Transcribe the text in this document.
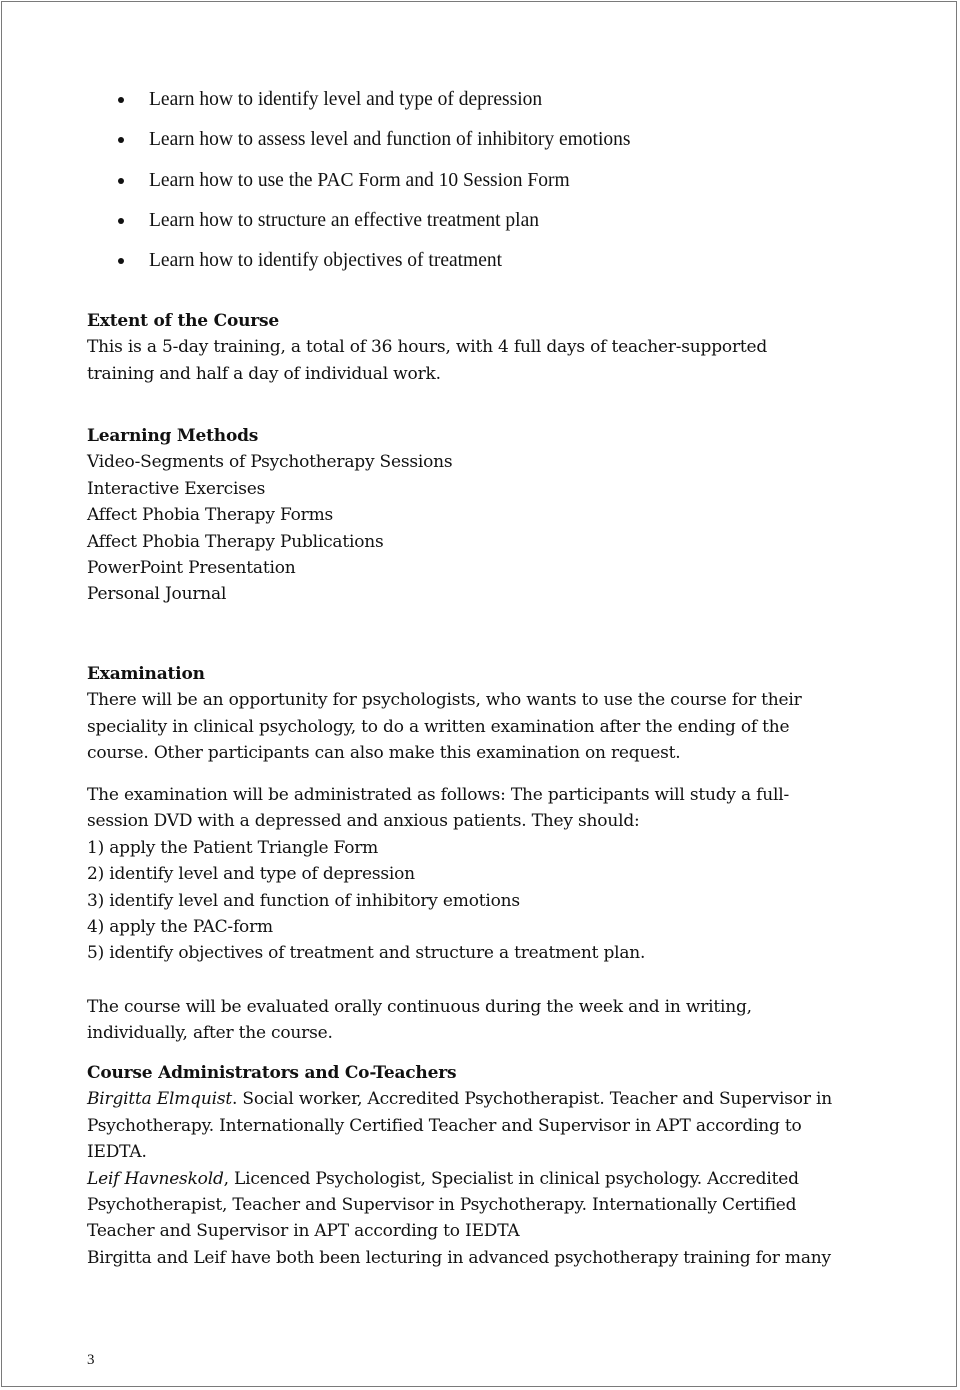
Learn how to identify level and type of depression
Learn how to assess level and function of inhibitory emotions
Learn how to use the PAC Form and 10 Session Form
Learn how to structure an effective treatment plan
Learn how to identify objectives of treatment
Extent of the Course
This is a 5-day training, a total of 36 hours, with 4 full days of teacher-supported
training and half a day of individual work.
Learning Methods
Video-Segments of Psychotherapy Sessions
Interactive Exercises
Affect Phobia Therapy Forms
Affect Phobia Therapy Publications
PowerPoint Presentation
Personal Journal
Examination
There will be an opportunity for psychologists, who wants to use the course for their
speciality in clinical psychology, to do a written examination after the ending of the
course. Other participants can also make this examination on request.
The examination will be administrated as follows: The participants will study a full-
session DVD with a depressed and anxious patients. They should:
1) apply the Patient Triangle Form
2) identify level and type of depression
3) identify level and function of inhibitory emotions
4) apply the PAC-form
5) identify objectives of treatment and structure a treatment plan.
The course will be evaluated orally continuous during the week and in writing,
individually, after the course.
Course Administrators and Co-Teachers
Birgitta Elmquist. Social worker, Accredited Psychotherapist. Teacher and Supervisor in
Psychotherapy. Internationally Certified Teacher and Supervisor in APT according to
IEDTA.
Leif Havneskold, Licenced Psychologist, Specialist in clinical psychology. Accredited
Psychotherapist, Teacher and Supervisor in Psychotherapy. Internationally Certified
Teacher and Supervisor in APT according to IEDTA
Birgitta and Leif have both been lecturing in advanced psychotherapy training for many
3
